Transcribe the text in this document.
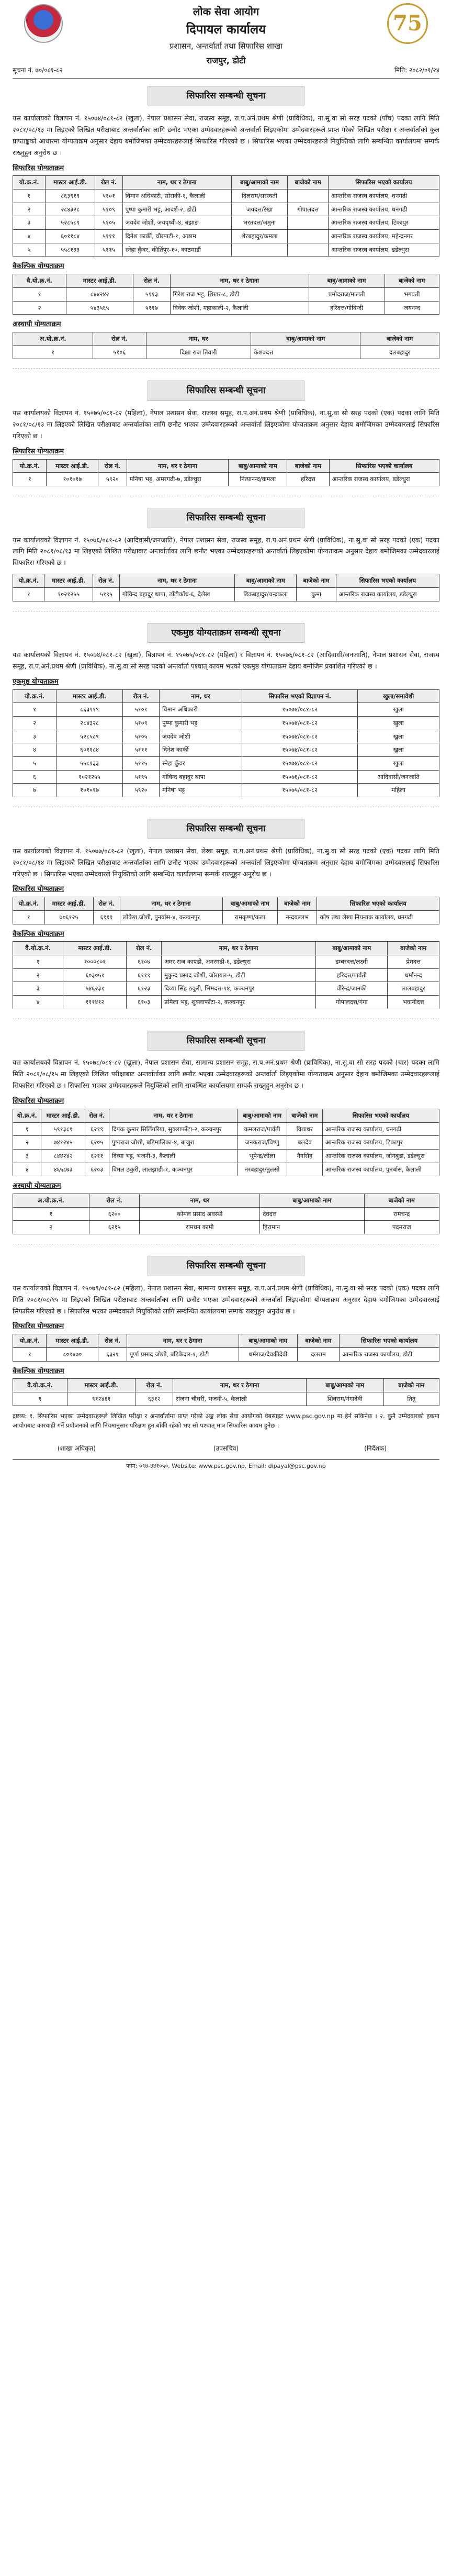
लोक सेवा आयोग
दिपायल कार्यालय
प्रशासन, अन्तर्वार्ता तथा सिफारिस शाखा
राजपुर, डोटी
75
सूचना नं. ७०/०८१-८२	मिति: २०८२/०१/२४
सिफारिस सम्बन्धी सूचना

यस कार्यालयको विज्ञापन नं. १५०७४/०८१-८२ (खुला), नेपाल प्रशासन सेवा, राजस्व समूह, रा.प.अनं.प्रथम श्रेणी (प्राविधिक), ना.सु.वा सो सरह पदको (पाँच) पदका लागि मिति २०८१/०८/१३ मा लिइएको लिखित परीक्षाबाट अन्तर्वार्ताका लागि छनौट भएका उम्मेदवारहरूको अन्तर्वार्ता लिइएकोमा उम्मेदवारहरूले प्राप्त गरेको लिखित परीक्षा र अन्तर्वार्ताको कुल प्राप्ताङ्कको आधारमा योग्यताक्रम अनुसार देहाय बमोजिमका उम्मेदवारहरूलाई सिफारिस गरिएको छ । सिफारिस भएका उम्मेदवारहरूले नियुक्तिको लागि सम्बन्धित कार्यालयमा सम्पर्क राख्नुहुन अनुरोध छ ।

सिफारिस योग्यताक्रम
यो.क्र.नं.	मास्टर आई.डी.	रोल नं.	नाम, थर र ठेगाना	बाबु/आमाको नाम	बाजेको नाम	सिफारिस भएको कार्यालय
१	८६३९१९	५१०१	विमान अधिकारी, सोराकी-१, कैलाली	दिलराम/सरस्वती		आन्तरिक राजस्व कार्यालय, धनगढी
२	२८४३२८	५१०९	पुष्पा कुमारी भट्ट, आदर्श-२, डोटी	जयदत्त/रेखा	गोपालदत्त	आन्तरिक राजस्व कार्यालय, धनगढी
३	५२८५८९	५१०५	जयदेव जोशी, जयपृथ्वी-४, बझाङ	भरतदत्त/जमुना		आन्तरिक राजस्व कार्यालय, टिकापुर
४	६०११८४	५१११	दिनेश कार्की, चौरपाटी-१, अछाम	शेरबहादुर/कमला		आन्तरिक राजस्व कार्यालय, महेन्द्रनगर
५	५५८१३३	५११५	स्नेहा कुँवर, कीर्तिपुर-१०, काठमाडौं			आन्तरिक राजस्व कार्यालय, डडेल्धुरा
वैकल्पिक योग्यताक्रम
वै.यो.क्र.नं.	मास्टर आई.डी.	रोल नं.	नाम, थर र ठेगाना	बाबु/आमाको नाम	बाजेको नाम
१	८४४२४२	५११३	गिरेश राज भट्ट, शिखर-८, डोटी	प्रमोदराज/मालती	भगवती
२	५४३५६५	५११७	विवेक जोशी, महाकाली-२, कैलाली	हरिदत्त/गोविन्दी	जयनन्द
अस्थायी योग्यताक्रम
अ.यो.क्र.नं.	रोल नं.	नाम, थर	बाबु/आमाको नाम	बाजेको नाम
१	५१०६	दिक्षा राज तिवारी	केशवदत्त	दलबहादुर
सिफारिस सम्बन्धी सूचना

यस कार्यालयको विज्ञापन नं. १५०७५/०८१-८२ (महिला), नेपाल प्रशासन सेवा, राजस्व समूह, रा.प.अनं.प्रथम श्रेणी (प्राविधिक), ना.सु.वा सो सरह पदको (एक) पदका लागि मिति २०८१/०८/१३ मा लिइएको लिखित परीक्षाबाट अन्तर्वार्ताका लागि छनौट भएका उम्मेदवारहरूको अन्तर्वार्ता लिइएकोमा योग्यताक्रम अनुसार देहाय बमोजिमका उम्मेदवारलाई सिफारिस गरिएको छ ।

सिफारिस योग्यताक्रम
यो.क्र.नं.	मास्टर आई.डी.	रोल नं.	नाम, थर र ठेगाना	बाबु/आमाको नाम	बाजेको नाम	सिफारिस भएको कार्यालय
१	१०१०१७	५९२०	मनिषा भट्ट, अमरगढी-७, डडेल्धुरा	नित्यानन्द/कमला	हरिदत्त	आन्तरिक राजस्व कार्यालय, डडेल्धुरा
सिफारिस सम्बन्धी सूचना

यस कार्यालयको विज्ञापन नं. १५०७६/०८१-८२ (आदिवासी/जनजाति), नेपाल प्रशासन सेवा, राजस्व समूह, रा.प.अनं.प्रथम श्रेणी (प्राविधिक), ना.सु.वा सो सरह पदको (एक) पदका लागि मिति २०८१/०८/१३ मा लिइएको लिखित परीक्षाबाट अन्तर्वार्ताका लागि छनौट भएका उम्मेदवारहरूको अन्तर्वार्ता लिइएकोमा योग्यताक्रम अनुसार देहाय बमोजिमका उम्मेदवारलाई सिफारिस गरिएको छ ।

यो.क्र.नं.	मास्टर आई.डी.	रोल नं.	नाम, थर र ठेगाना	बाबु/आमाको नाम	बाजेको नाम	सिफारिस भएको कार्यालय
१	१०२१२५५	५१९५	गोविन्द बहादुर थापा, ठाँटीकाँध-६, दैलेख	डिकबहादुर/चन्द्रकला	कुमा	आन्तरिक राजस्व कार्यालय, डडेल्धुरा
एकमुष्ठ योग्यताक्रम सम्बन्धी सूचना

यस कार्यालयको विज्ञापन नं. १५०७४/०८१-८२ (खुला), विज्ञापन नं. १५०७५/०८१-८२ (महिला) र विज्ञापन नं. १५०७६/०८१-८२ (आदिवासी/जनजाति), नेपाल प्रशासन सेवा, राजस्व समूह, रा.प.अनं.प्रथम श्रेणी (प्राविधिक), ना.सु.वा सो सरह पदको अन्तर्वार्ता पश्चात् कायम भएको एकमुष्ठ योग्यताक्रम देहाय बमोजिम प्रकाशित गरिएको छ ।

एकमुष्ठ योग्यताक्रम
यो.क्र.नं.	मास्टर आई.डी.	रोल नं.	नाम, थर	सिफारिस भएको विज्ञापन नं.	खुला/समावेशी
१	८६३९१९	५१०१	विमान अधिकारी	१५०७४/०८१-८२	खुला
२	२८४३२८	५१०९	पुष्पा कुमारी भट्ट	१५०७४/०८१-८२	खुला
३	५२८५८९	५१०५	जयदेव जोशी	१५०७४/०८१-८२	खुला
४	६०११८४	५१११	दिनेश कार्की	१५०७४/०८१-८२	खुला
५	५५८१३३	५११५	स्नेहा कुँवर	१५०७४/०८१-८२	खुला
६	१०२१२५५	५१९५	गोविन्द बहादुर थापा	१५०७६/०८१-८२	आदिवासी/जनजाति
७	१०१०१७	५९२०	मनिषा भट्ट	१५०७५/०८१-८२	महिला
सिफारिस सम्बन्धी सूचना

यस कार्यालयको विज्ञापन नं. १५०७७/०८१-८२ (खुला), नेपाल प्रशासन सेवा, लेखा समूह, रा.प.अनं.प्रथम श्रेणी (प्राविधिक), ना.सु.वा सो सरह पदको (एक) पदका लागि मिति २०८१/०८/१४ मा लिइएको लिखित परीक्षाबाट अन्तर्वार्ताका लागि छनौट भएका उम्मेदवारहरूको अन्तर्वार्ता लिइएकोमा योग्यताक्रम अनुसार देहाय बमोजिमका उम्मेदवारलाई सिफारिस गरिएको छ । सिफारिस भएका उम्मेदवारले नियुक्तिको लागि सम्बन्धित कार्यालयमा सम्पर्क राख्नुहुन अनुरोध छ ।

सिफारिस योग्यताक्रम
यो.क्र.नं.	मास्टर आई.डी.	रोल नं.	नाम, थर र ठेगाना	बाबु/आमाको नाम	बाजेको नाम	सिफारिस भएको कार्यालय
१	७०६१२५	६१११	लोकेश जोशी, पुनर्वास-४, कञ्चनपुर	रामकृष्ण/कला	नन्दबल्लभ	कोष तथा लेखा नियन्त्रक कार्यालय, धनगढी
वैकल्पिक योग्यताक्रम
वै.यो.क्र.नं.	मास्टर आई.डी.	रोल नं.	नाम, थर र ठेगाना	बाबु/आमाको नाम	बाजेको नाम
१	१०००८०१	६१०७	अमर राज कापडी, अमरगढी-६, डडेल्धुरा	डम्बरदत्त/लक्ष्मी	प्रेमदत्त
२	६०३०५१	६११९	मुकुन्द प्रसाद जोशी, जोरायल-५, डोटी	हरिदत्त/पार्वती	धर्मानन्द
३	५४६२३१	६१२३	दिव्या सिंह ठकुरी, भिमदत्त-१४, कञ्चनपुर	वीरेन्द्र/जानकी	लालबहादुर
४	१११४१२	६१०३	प्रमिला भट्ट, शुक्लाफाँटा-२, कञ्चनपुर	गोपालदत्त/गंगा	भवानीदत्त
सिफारिस सम्बन्धी सूचना

यस कार्यालयको विज्ञापन नं. १५०७८/०८१-८२ (खुला), नेपाल प्रशासन सेवा, सामान्य प्रशासन समूह, रा.प.अनं.प्रथम श्रेणी (प्राविधिक), ना.सु.वा सो सरह पदको (चार) पदका लागि मिति २०८१/०८/१५ मा लिइएको लिखित परीक्षाबाट अन्तर्वार्ताका लागि छनौट भएका उम्मेदवारहरूको अन्तर्वार्ता लिइएकोमा योग्यताक्रम अनुसार देहाय बमोजिमका उम्मेदवारहरूलाई सिफारिस गरिएको छ । सिफारिस भएका उम्मेदवारहरूले नियुक्तिको लागि सम्बन्धित कार्यालयमा सम्पर्क राख्नुहुन अनुरोध छ ।

सिफारिस योग्यताक्रम
यो.क्र.नं.	मास्टर आई.डी.	रोल नं.	नाम, थर र ठेगाना	बाबु/आमाको नाम	बाजेको नाम	सिफारिस भएको कार्यालय
१	५९१३८९	६२१९	दिपक कुमार सिलिंगरिया, सुक्लाफाँटा-२, कञ्चनपुर	कमलराज/पार्वती	विद्याधर	आन्तरिक राजस्व कार्यालय, धनगढी
२	७४१२४५	६२०५	पुष्पराज जोशी, बडिमालिका-४, बाजुरा	जनकराज/विष्णु	बलदेव	आन्तरिक राजस्व कार्यालय, टिकापुर
३	८४४२४२	६२११	दिव्या भट्ट, भजनी-३, कैलाली	भूपेन्द्र/लीला	नैनसिंह	आन्तरिक राजस्व कार्यालय, जोगबुडा, डडेल्धुरा
४	४६५८७३	६२०३	विमल ठकुरी, लालझाडी-१, कञ्चनपुर	नरबहादुर/तुलसी		आन्तरिक राजस्व कार्यालय, पुनर्बास, कैलाली
अस्थायी योग्यताक्रम
अ.यो.क्र.नं.	रोल नं.	नाम, थर	बाबु/आमाको नाम	बाजेको नाम
१	६२००	कोमल प्रसाद अवस्थी	देवदत्त	रामचन्द्र
२	६२१५	रामधन कामी	हिरामान	पदमराज
सिफारिस सम्बन्धी सूचना

यस कार्यालयको विज्ञापन नं. १५०७९/०८१-८२ (महिला), नेपाल प्रशासन सेवा, सामान्य प्रशासन समूह, रा.प.अनं.प्रथम श्रेणी (प्राविधिक), ना.सु.वा सो सरह पदको (एक) पदका लागि मिति २०८१/०८/१५ मा लिइएको लिखित परीक्षाबाट अन्तर्वार्ताका लागि छनौट भएका उम्मेदवारहरूको अन्तर्वार्ता लिइएकोमा योग्यताक्रम अनुसार देहाय बमोजिमका उम्मेदवारलाई सिफारिस गरिएको छ । सिफारिस भएका उम्मेदवारले नियुक्तिको लागि सम्बन्धित कार्यालयमा सम्पर्क राख्नुहुन अनुरोध छ ।

सिफारिस योग्यताक्रम
यो.क्र.नं.	मास्टर आई.डी.	रोल नं.	नाम, थर र ठेगाना	बाबु/आमाको नाम	बाजेको नाम	सिफारिस भएको कार्यालय
१	८०१४७०	६३२१	पूर्णा प्रसाद जोशी, बडिकेदार-१, डोटी	धर्मराज/देवकीदेवी	दलराम	आन्तरिक राजस्व कार्यालय, डोटी
वैकल्पिक योग्यताक्रम
वै.यो.क्र.नं.	मास्टर आई.डी.	रोल नं.	नाम, थर र ठेगाना	बाबु/आमाको नाम	बाजेको नाम
१	९१२४६१	६३१२	संजना चौधरी, भजनी-५, कैलाली	शिवराम/गंगादेवी	तितु
द्रष्टव्य: १. सिफारिस भएका उम्मेदवारहरूले लिखित परीक्षा र अन्तर्वार्तामा प्राप्त गरेको अङ्क लोक सेवा आयोगको वेबसाइट www.psc.gov.np मा हेर्न सकिनेछ । २. कुनै उम्मेदवारको हकमा आयोगबाट कारवाही गर्ने प्रयोजनको लागि नियमानुसार परिक्षण हुन बाँकी रहेको भए सो पश्चात् मात्र सिफारिस कायम हुनेछ ।
(शाखा अधिकृत)	(उपसचिव)	(निर्देशक)
फोन: ०९४-४४१०५०, Website: www.psc.gov.np, Email: dipayal@psc.gov.np
